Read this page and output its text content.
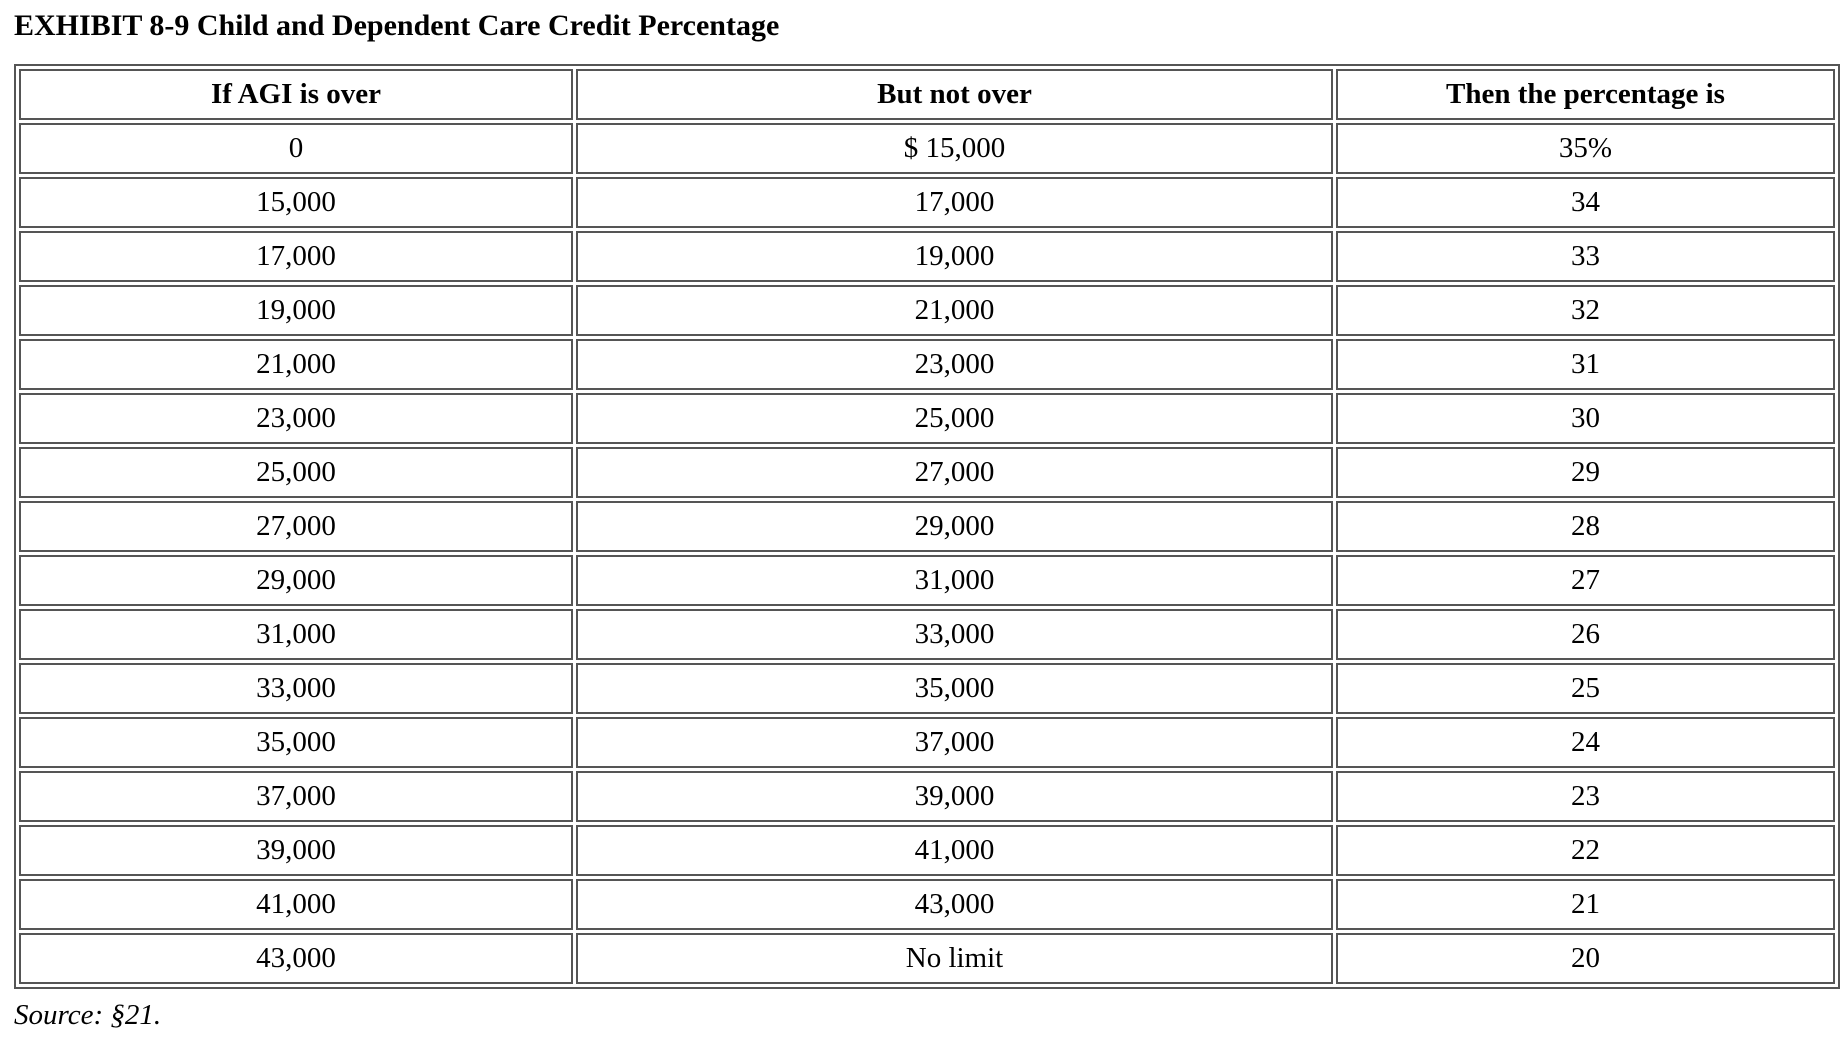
EXHIBIT 8-9 Child and Dependent Care Credit Percentage
If AGI is over	But not over	Then the percentage is
0	$ 15,000	35%
15,000	17,000	34
17,000	19,000	33
19,000	21,000	32
21,000	23,000	31
23,000	25,000	30
25,000	27,000	29
27,000	29,000	28
29,000	31,000	27
31,000	33,000	26
33,000	35,000	25
35,000	37,000	24
37,000	39,000	23
39,000	41,000	22
41,000	43,000	21
43,000	No limit	20
Source: §21.
